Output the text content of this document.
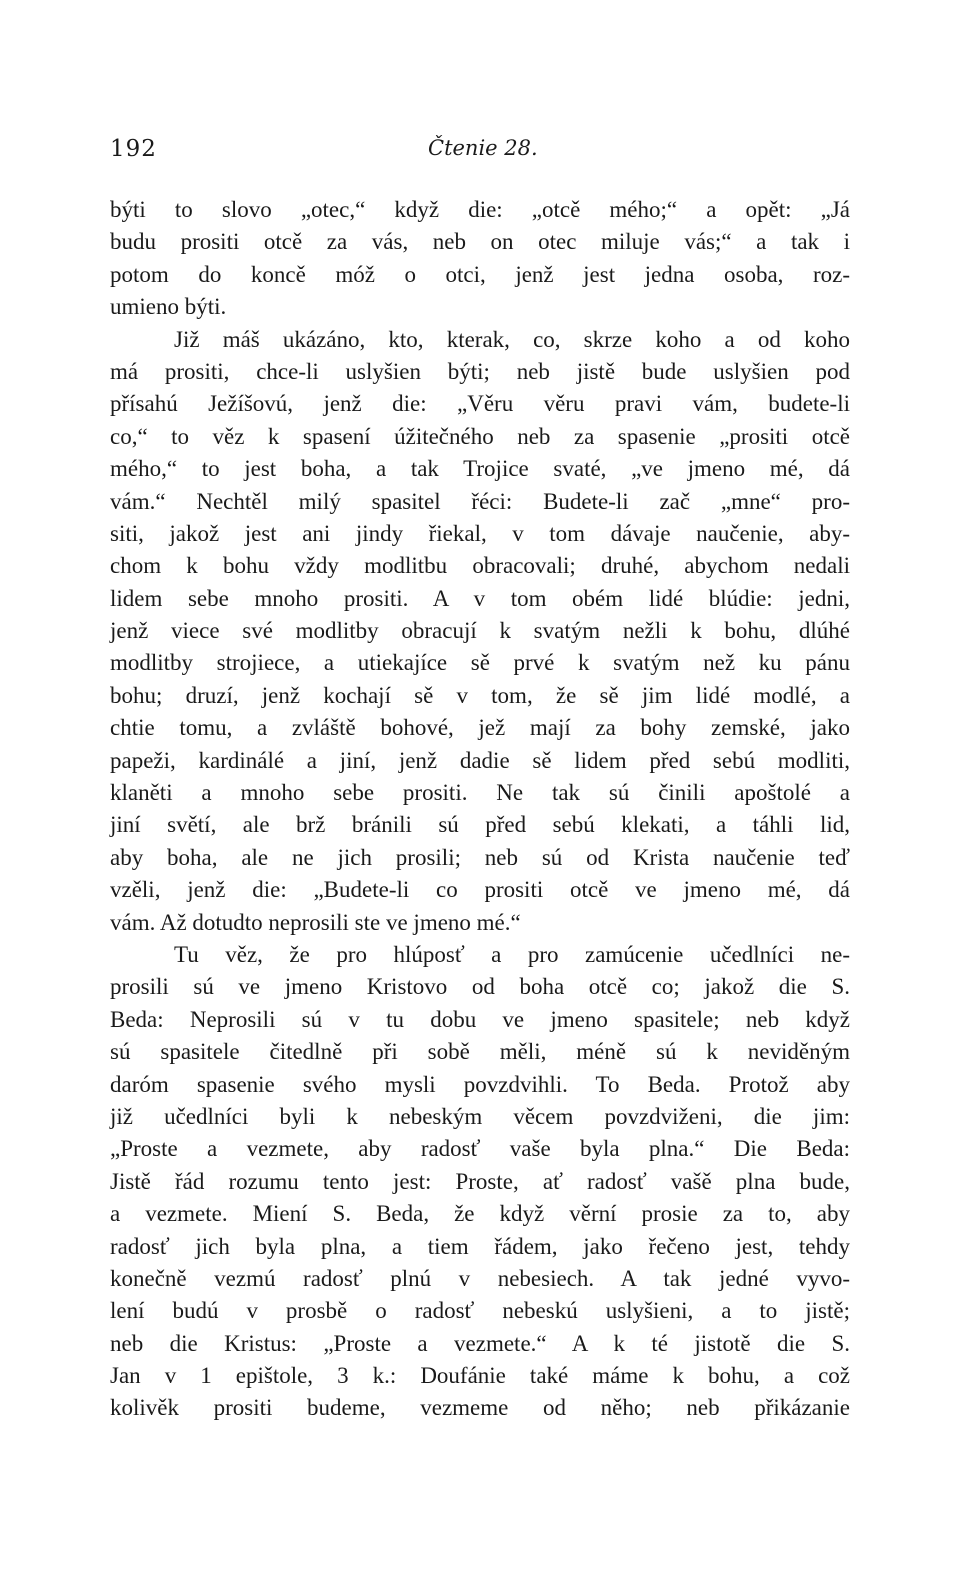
192	Čtenie 28.
býti to slovo „otec,“ když die: „otcě mého;“ a opět: „Já
budu prositi otcě za vás, neb on otec miluje vás;“ a tak i
potom do koncě móž o otci, jenž jest jedna osoba, roz-
umieno býti.
Již máš ukázáno, kto, kterak, co, skrze koho a od koho
má prositi, chce-li uslyšien býti; neb jistě bude uslyšien pod
přísahú Ježíšovú, jenž die: „Věru věru pravi vám, budete-li
co,“ to věz k spasení úžitečného neb za spasenie „prositi otcě
mého,“ to jest boha, a tak Trojice svaté, „ve jmeno mé, dá
vám.“ Nechtěl milý spasitel řéci: Budete-li zač „mne“ pro-
siti, jakož jest ani jindy řiekal, v tom dávaje naučenie, aby-
chom k bohu vždy modlitbu obracovali; druhé, abychom nedali
lidem sebe mnoho prositi. A v tom obém lidé blúdie: jedni,
jenž viece své modlitby obracují k svatým nežli k bohu, dlúhé
modlitby strojiece, a utiekajíce sě prvé k svatým než ku pánu
bohu; druzí, jenž kochají sě v tom, že sě jim lidé modlé, a
chtie tomu, a zvláště bohové, jež mají za bohy zemské, jako
papeži, kardinálé a jiní, jenž dadie sě lidem před sebú modliti,
klaněti a mnoho sebe prositi. Ne tak sú činili apoštolé a
jiní světí, ale brž bránili sú před sebú klekati, a táhli lid,
aby boha, ale ne jich prosili; neb sú od Krista naučenie teď
vzěli, jenž die: „Budete-li co prositi otcě ve jmeno mé, dá
vám. Až dotudto neprosili ste ve jmeno mé.“
Tu věz, že pro hlúposť a pro zamúcenie učedlníci ne-
prosili sú ve jmeno Kristovo od boha otcě co; jakož die S.
Beda: Neprosili sú v tu dobu ve jmeno spasitele; neb když
sú spasitele čitedlně při sobě měli, méně sú k neviděným
daróm spasenie svého mysli povzdvihli. To Beda. Protož aby
již učedlníci byli k nebeským věcem povzdviženi, die jim:
„Proste a vezmete, aby radosť vaše byla plna.“ Die Beda:
Jistě řád rozumu tento jest: Proste, ať radosť vašě plna bude,
a vezmete. Miení S. Beda, že když věrní prosie za to, aby
radosť jich byla plna, a tiem řádem, jako řečeno jest, tehdy
konečně vezmú radosť plnú v nebesiech. A tak jedné vyvo-
lení budú v prosbě o radosť nebeskú uslyšieni, a to jistě;
neb die Kristus: „Proste a vezmete.“ A k té jistotě die S.
Jan v 1 epištole, 3 k.: Doufánie také máme k bohu, a což
kolivěk prositi budeme, vezmeme od něho; neb přikázanie
